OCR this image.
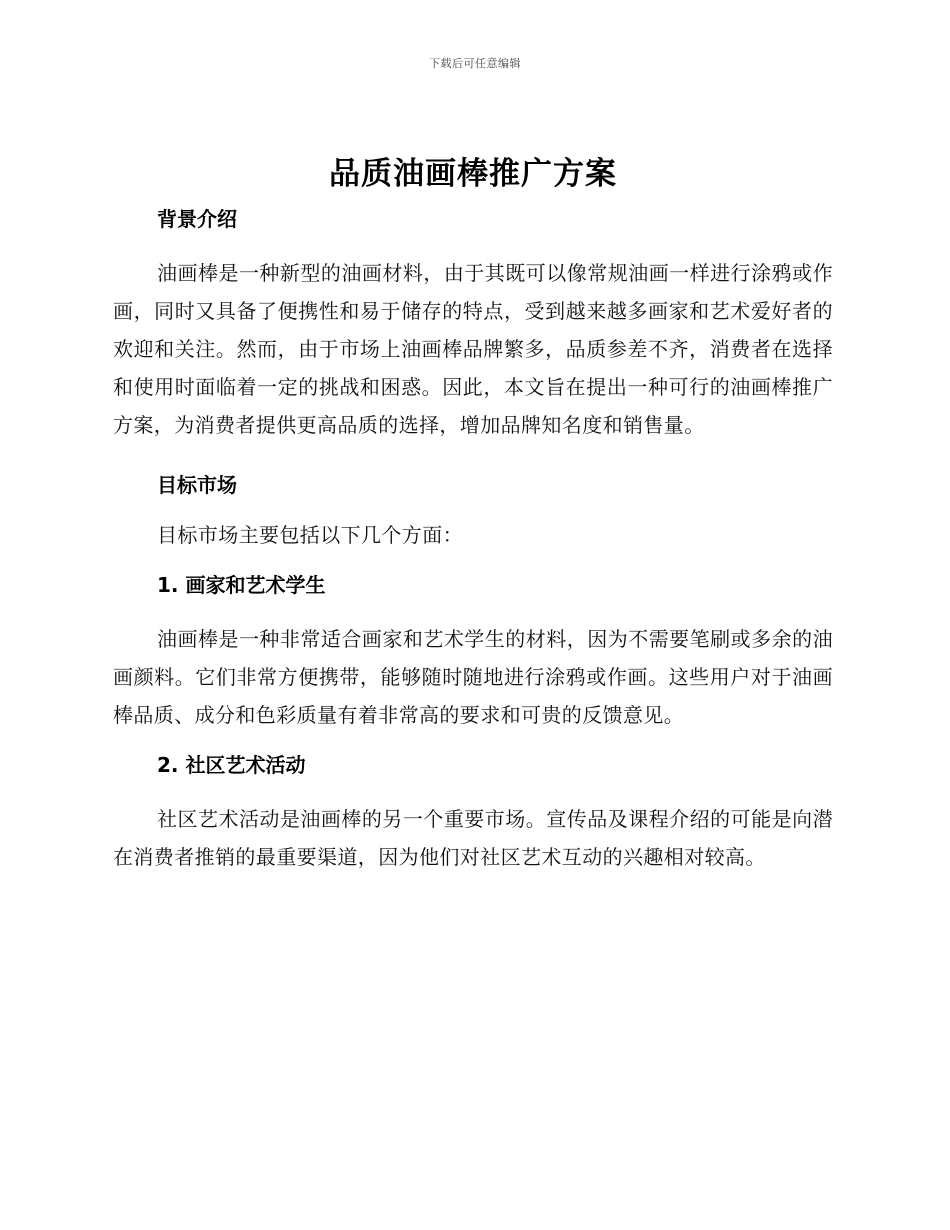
下载后可任意编辑
品质油画棒推广方案

背景介绍

油画棒是一种新型的油画材料，由于其既可以像常规油画一样进行涂鸦或作画，同时又具备了便携性和易于储存的特点，受到越来越多画家和艺术爱好者的欢迎和关注。然而，由于市场上油画棒品牌繁多，品质参差不齐，消费者在选择和使用时面临着一定的挑战和困惑。因此，本文旨在提出一种可行的油画棒推广方案，为消费者提供更高品质的选择，增加品牌知名度和销售量。

目标市场

目标市场主要包括以下几个方面：

1. 画家和艺术学生

油画棒是一种非常适合画家和艺术学生的材料，因为不需要笔刷或多余的油画颜料。它们非常方便携带，能够随时随地进行涂鸦或作画。这些用户对于油画棒品质、成分和色彩质量有着非常高的要求和可贵的反馈意见。

2. 社区艺术活动

社区艺术活动是油画棒的另一个重要市场。宣传品及课程介绍的可能是向潜在消费者推销的最重要渠道，因为他们对社区艺术互动的兴趣相对较高。
